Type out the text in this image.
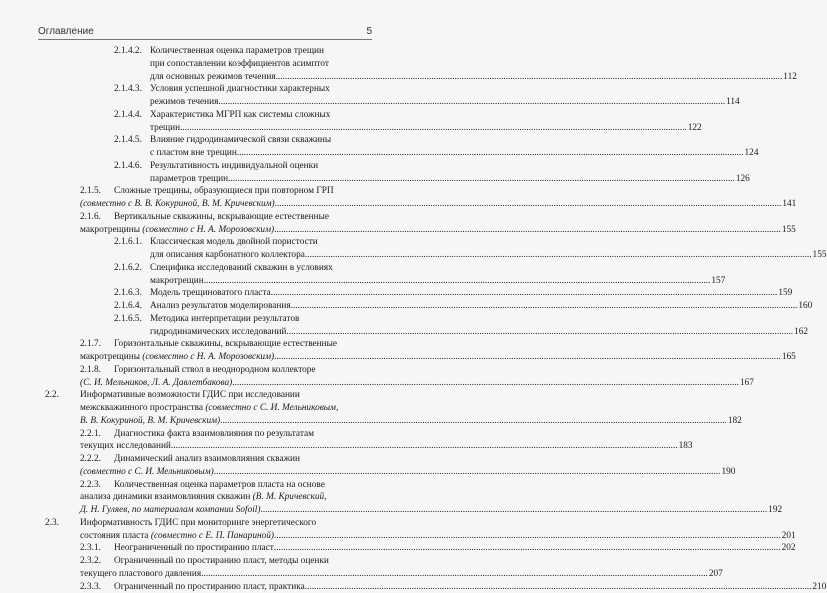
Оглавление	5
2.1.4.2. Количественная оценка параметров трещин
при сопоставлении коэффициентов асимптот
для основных режимов течения .....	112
2.1.4.3. Условия успешной диагностики характерных
режимов течения .....	114
2.1.4.4. Характеристика МГРП как системы сложных
трещин .....	122
2.1.4.5. Влияние гидродинамической связи скважины
с пластом вне трещин .....	124
2.1.4.6. Результативность индивидуальной оценки
параметров трещин .....	126
2.1.5. Сложные трещины, образующиеся при повторном ГРП
(совместно с В. В. Кокуриной, В. М. Кричевским) .....	141
2.1.6. Вертикальные скважины, вскрывающие естественные
макротрещины (совместно с Н. А. Морозовским) .....	155
2.1.6.1. Классическая модель двойной пористости
для описания карбонатного коллектора .....	155
2.1.6.2. Специфика исследований скважин в условиях
макротрещин .....	157
2.1.6.3. Модель трещиноватого пласта .....	159
2.1.6.4. Анализ результатов моделирования .....	160
2.1.6.5. Методика интерпретации результатов
гидродинамических исследований .....	162
2.1.7. Горизонтальные скважины, вскрывающие естественные
макротрещины (совместно с Н. А. Морозовским) .....	165
2.1.8. Горизонтальный ствол в неоднородном коллекторе
(С. И. Мельников, Л. А. Давлетбакова) .....	167
2.2. Информативные возможности ГДИС при исследовании
межскважинного пространства (совместно с С. И. Мельниковым,
В. В. Кокуриной, В. М. Кричевским) .....	182
2.2.1. Диагностика факта взаимовлияния по результатам
текущих исследований .....	183
2.2.2. Динамический анализ взаимовлияния скважин
(совместно с С. И. Мельниковым) .....	190
2.2.3. Количественная оценка параметров пласта на основе
анализа динамики взаимовлияния скважин (В. М. Кричевский,
Д. Н. Гуляев, по материалам компании Sofoil) .....	192
2.3. Информативность ГДИС при мониторинге энергетического
состояния пласта (совместно с Е. П. Панариной) .....	201
2.3.1. Неограниченный по простиранию пласт .....	202
2.3.2. Ограниченный по простиранию пласт, методы оценки
текущего пластового давления .....	207
2.3.3. Ограниченный по простиранию пласт, практика .....	210
